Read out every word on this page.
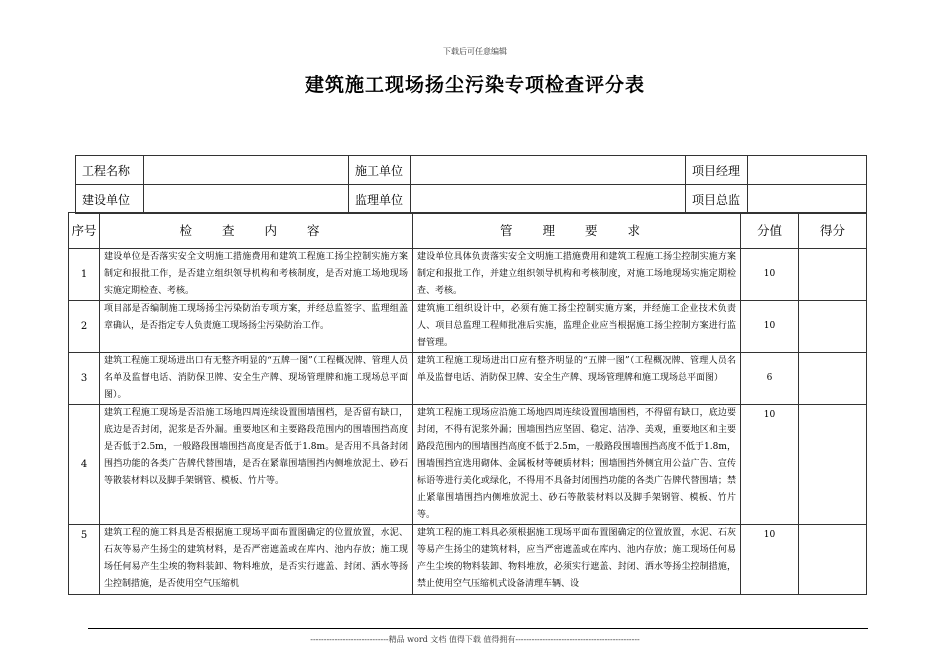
下载后可任意编辑
建筑施工现场扬尘污染专项检查评分表
工程名称		施工单位		项目经理	
建设单位		监理单位		项目总监	
序号	检 查 内 容	管 理 要 求	分值	得分
1	建设单位是否落实安全文明施工措施费用和建筑工程施工扬尘控制实施方案制定和报批工作，是否建立组织领导机构和考核制度，是否对施工场地现场实施定期检查、考核。	建设单位具体负责落实安全文明施工措施费用和建筑工程施工扬尘控制实施方案制定和报批工作，并建立组织领导机构和考核制度，对施工场地现场实施定期检查、考核。	10	
2	项目部是否编制施工现场扬尘污染防治专项方案，并经总监签字、监理组盖章确认，是否指定专人负责施工现场扬尘污染防治工作。	建筑施工组织设计中，必须有施工扬尘控制实施方案，并经施工企业技术负责人、项目总监理工程师批准后实施，监理企业应当根据施工扬尘控制方案进行监督管理。	10	
3	建筑工程施工现场进出口有无整齐明显的“五牌一图”（工程概况牌、管理人员名单及监督电话、消防保卫牌、安全生产牌、现场管理牌和施工现场总平面图）。	建筑工程施工现场进出口应有整齐明显的“五牌一图”（工程概况牌、管理人员名单及监督电话、消防保卫牌、安全生产牌、现场管理牌和施工现场总平面图）	6	
4	建筑工程施工现场是否沿施工场地四周连续设置围墙围档，是否留有缺口，底边是否封闭，泥浆是否外漏。重要地区和主要路段范围内的围墙围挡高度是否低于2.5m，一般路段围墙围挡高度是否低于1.8m。是否用不具备封闭围挡功能的各类广告牌代替围墙，是否在紧靠围墙围挡内侧堆放泥土、砂石等散装材料以及脚手架钢管、模板、竹片等。	建筑工程施工现场应沿施工场地四周连续设置围墙围档，不得留有缺口，底边要封闭，不得有泥浆外漏；围墙围挡应坚固、稳定、洁净、美观，重要地区和主要路段范围内的围墙围挡高度不低于2.5m，一般路段围墙围挡高度不低于1.8m，围墙围挡宜选用砌体、金属板材等硬质材料；围墙围挡外侧宜用公益广告、宣传标语等进行美化或绿化，不得用不具备封闭围挡功能的各类广告牌代替围墙；禁止紧靠围墙围挡内侧堆放泥土、砂石等散装材料以及脚手架钢管、模板、竹片等。	10	
5	建筑工程的施工料具是否根据施工现场平面布置图确定的位置放置，水泥、石灰等易产生扬尘的建筑材料，是否严密遮盖或在库内、池内存放；施工现场任何易产生尘埃的物料装卸、物料堆放，是否实行遮盖、封闭、洒水等扬尘控制措施，是否使用空气压缩机	建筑工程的施工料具必须根据施工现场平面布置图确定的位置放置，水泥、石灰等易产生扬尘的建筑材料，应当严密遮盖或在库内、池内存放；施工现场任何易产生尘埃的物料装卸、物料堆放，必须实行遮盖、封闭、洒水等扬尘控制措施，禁止使用空气压缩机式设备清理车辆、设	10	
-----------------------------精品 word 文档 值得下载 值得拥有----------------------------------------------
